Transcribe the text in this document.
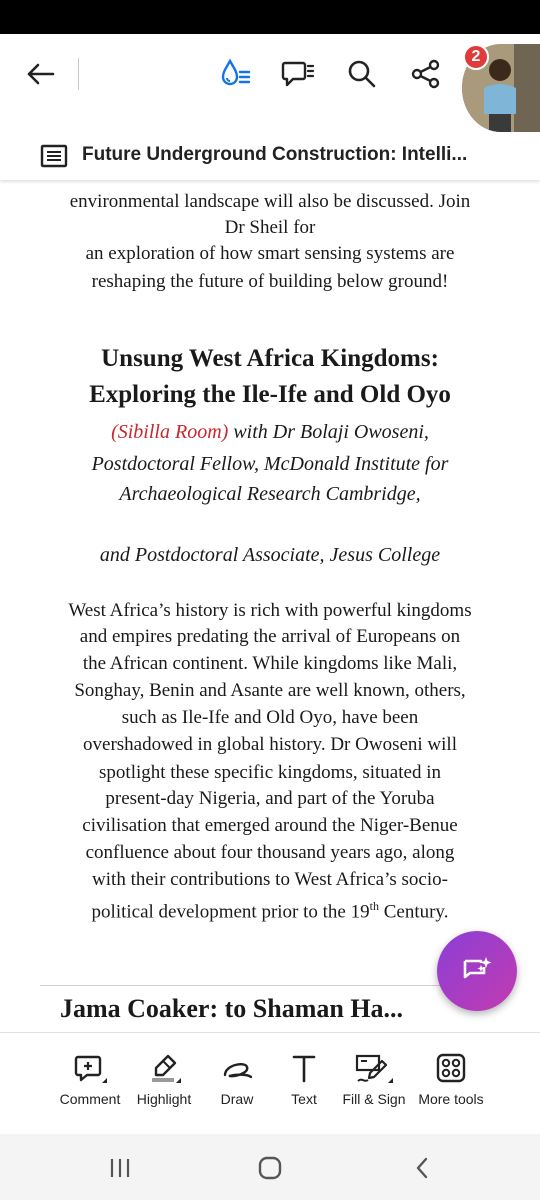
2
Future Underground Construction: Intelli...
environmental landscape will also be discussed. Join
Dr Sheil for
an exploration of how smart sensing systems are
reshaping the future of building below ground!
Unsung West Africa Kingdoms:
Exploring the Ile-Ife and Old Oyo
(Sibilla Room) with Dr Bolaji Owoseni,
Postdoctoral Fellow, McDonald Institute for
Archaeological Research Cambridge,
and Postdoctoral Associate, Jesus College
West Africa’s history is rich with powerful kingdoms
and empires predating the arrival of Europeans on
the African continent. While kingdoms like Mali,
Songhay, Benin and Asante are well known, others,
such as Ile-Ife and Old Oyo, have been
overshadowed in global history. Dr Owoseni will
spotlight these specific kingdoms, situated in
present-day Nigeria, and part of the Yoruba
civilisation that emerged around the Niger-Benue
confluence about four thousand years ago, along
with their contributions to West Africa’s socio-
political development prior to the 19th Century.
Jama Coaker: to Shaman Ha...
Comment	Highlight	Draw	Text	Fill & Sign More tools
